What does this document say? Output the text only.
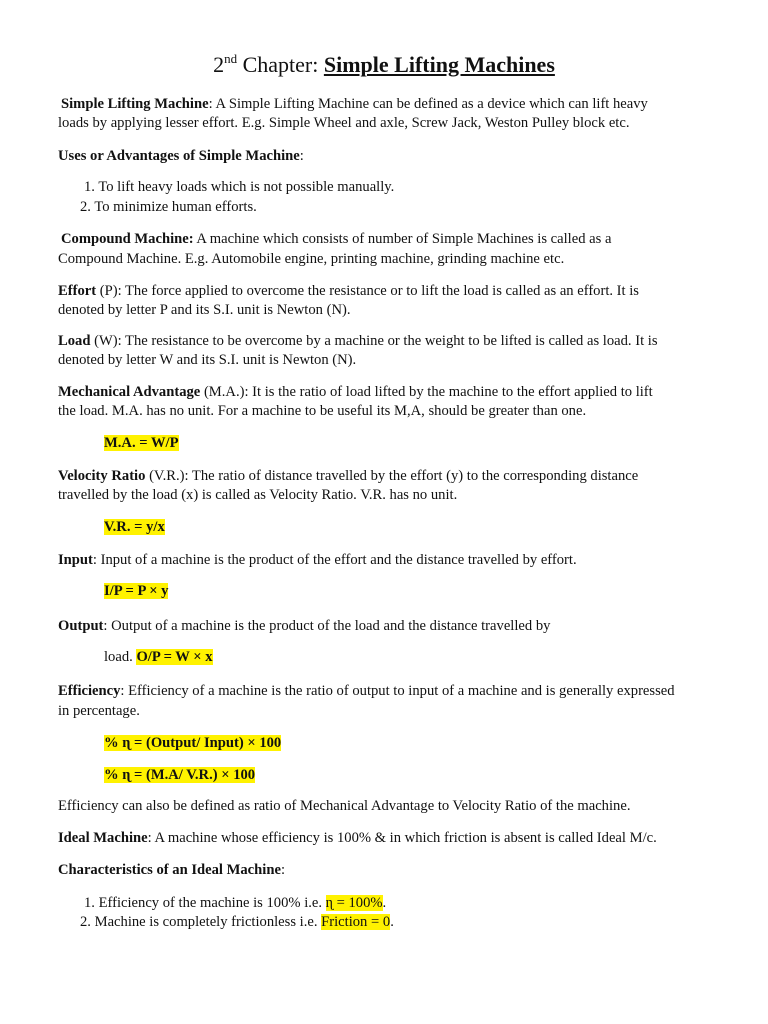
2nd Chapter: Simple Lifting Machines
Simple Lifting Machine: A Simple Lifting Machine can be defined as a device which can lift heavy
loads by applying lesser effort. E.g. Simple Wheel and axle, Screw Jack, Weston Pulley block etc.
Uses or Advantages of Simple Machine:
1. To lift heavy loads which is not possible manually.
2. To minimize human efforts.
Compound Machine: A machine which consists of number of Simple Machines is called as a
Compound Machine. E.g. Automobile engine, printing machine, grinding machine etc.
Effort (P): The force applied to overcome the resistance or to lift the load is called as an effort. It is
denoted by letter P and its S.I. unit is Newton (N).
Load (W): The resistance to be overcome by a machine or the weight to be lifted is called as load. It is
denoted by letter W and its S.I. unit is Newton (N).
Mechanical Advantage (M.A.): It is the ratio of load lifted by the machine to the effort applied to lift
the load. M.A. has no unit. For a machine to be useful its M,A, should be greater than one.
M.A. = W/P
Velocity Ratio (V.R.): The ratio of distance travelled by the effort (y) to the corresponding distance
travelled by the load (x) is called as Velocity Ratio. V.R. has no unit.
V.R. = y/x
Input: Input of a machine is the product of the effort and the distance travelled by effort.
I/P = P × y
Output: Output of a machine is the product of the load and the distance travelled by
load. O/P = W × x
Efficiency: Efficiency of a machine is the ratio of output to input of a machine and is generally expressed
in percentage.
% ɳ = (Output/ Input) × 100
% ɳ = (M.A/ V.R.) × 100
Efficiency can also be defined as ratio of Mechanical Advantage to Velocity Ratio of the machine.
Ideal Machine: A machine whose efficiency is 100% & in which friction is absent is called Ideal M/c.
Characteristics of an Ideal Machine:
1. Efficiency of the machine is 100% i.e. ɳ = 100%.
2. Machine is completely frictionless i.e. Friction = 0.
